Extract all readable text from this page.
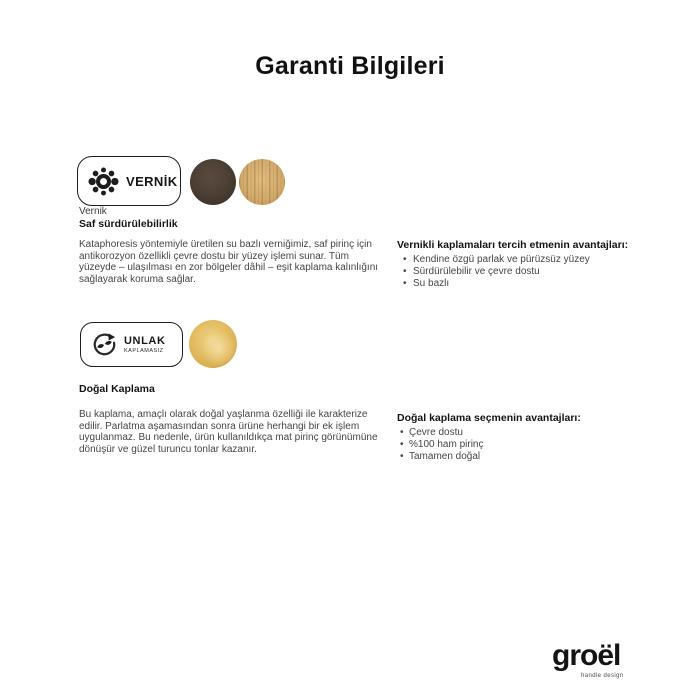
Garanti Bilgileri
VERNİK
Vernik
Saf sürdürülebilirlik

Kataphoresis yöntemiyle üretilen su bazlı verniğimiz, saf pirinç için antikorozyon özellikli çevre dostu bir yüzey işlemi sunar. Tüm yüzeyde – ulaşılması en zor bölgeler dâhil – eşit kaplama kalınlığını sağlayarak koruma sağlar.

Vernikli kaplamaları tercih etmenin avantajları:
• Kendine özgü parlak ve pürüzsüz yüzey
• Sürdürülebilir ve çevre dostu
• Su bazlı
UNLAK
KAPLAMASIZ
Doğal Kaplama

Bu kaplama, amaçlı olarak doğal yaşlanma özelliği ile karakterize edilir. Parlatma aşamasından sonra ürüne herhangi bir ek işlem uygulanmaz. Bu nedenle, ürün kullanıldıkça mat pirinç görünümüne dönüşür ve güzel turuncu tonlar kazanır.

Doğal kaplama seçmenin avantajları:
• Çevre dostu
• %100 ham pirinç
• Tamamen doğal
groël
handle design
